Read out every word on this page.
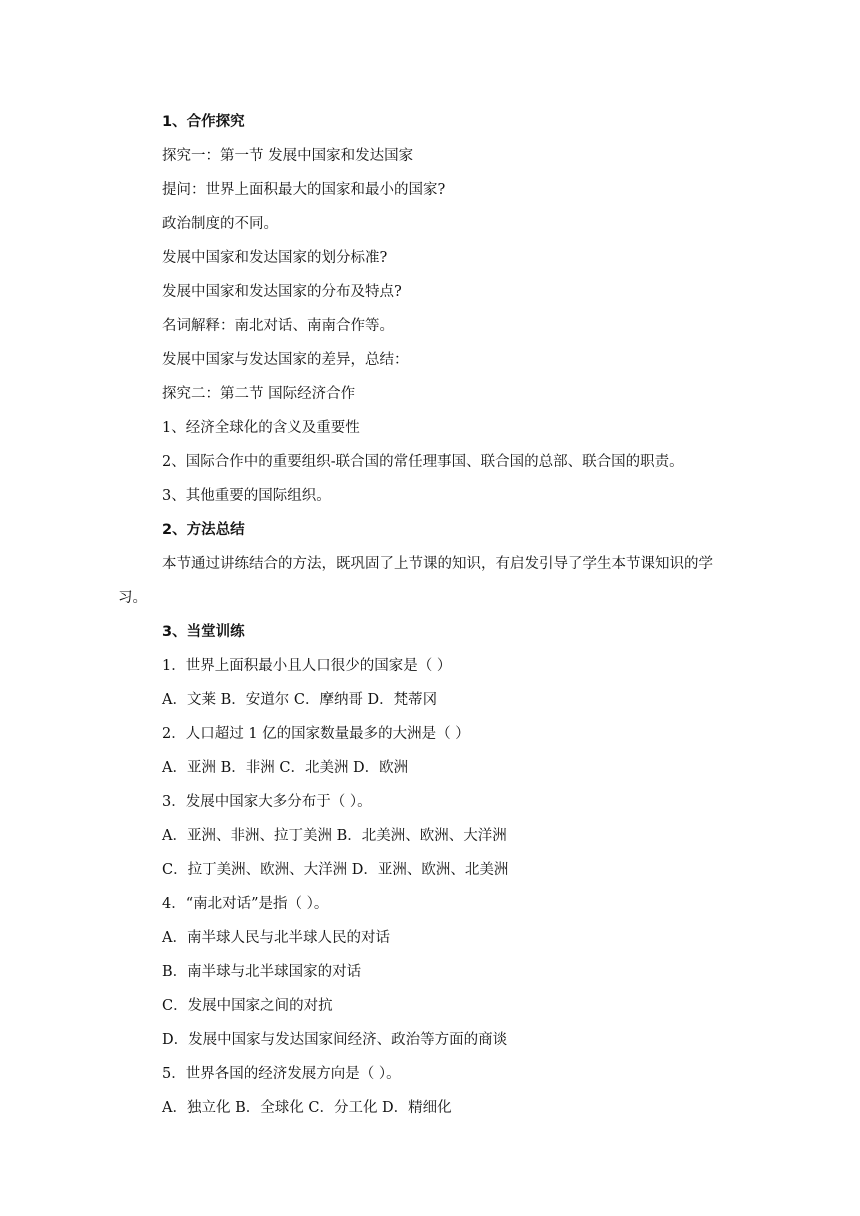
1、合作探究
探究一：第一节 发展中国家和发达国家
提问：世界上面积最大的国家和最小的国家?
政治制度的不同。
发展中国家和发达国家的划分标准?
发展中国家和发达国家的分布及特点?
名词解释：南北对话、南南合作等。
发展中国家与发达国家的差异，总结：
探究二：第二节 国际经济合作
1、经济全球化的含义及重要性
2、国际合作中的重要组织-联合国的常任理事国、联合国的总部、联合国的职责。
3、其他重要的国际组织。
2、方法总结
本节通过讲练结合的方法，既巩固了上节课的知识，有启发引导了学生本节课知识的学
习。
3、当堂训练
1．世界上面积最小且人口很少的国家是（ ）
A．文莱 B．安道尔 C．摩纳哥 D．梵蒂冈
2．人口超过 1 亿的国家数量最多的大洲是（ ）
A．亚洲 B．非洲 C．北美洲 D．欧洲
3．发展中国家大多分布于（ ）。
A．亚洲、非洲、拉丁美洲 B．北美洲、欧洲、大洋洲
C．拉丁美洲、欧洲、大洋洲 D．亚洲、欧洲、北美洲
4．“南北对话”是指（ ）。
A．南半球人民与北半球人民的对话
B．南半球与北半球国家的对话
C．发展中国家之间的对抗
D．发展中国家与发达国家间经济、政治等方面的商谈
5．世界各国的经济发展方向是（ ）。
A．独立化 B．全球化 C．分工化 D．精细化
